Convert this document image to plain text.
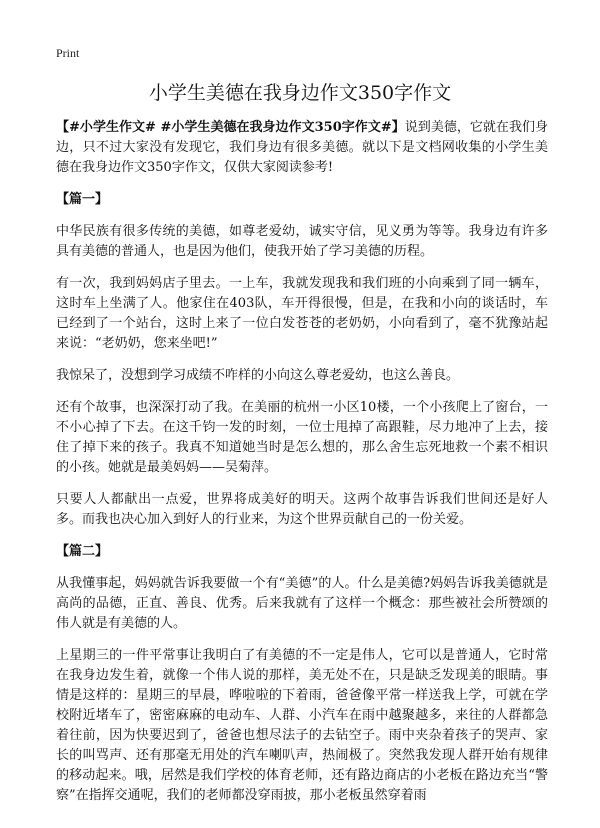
Print
小学生美德在我身边作文350字作文

【#小学生作文# #小学生美德在我身边作文350字作文#】说到美德，它就在我们身边，只不过大家没有发现它，我们身边有很多美德。就以下是文档网收集的小学生美德在我身边作文350字作文，仅供大家阅读参考!

【篇一】

中华民族有很多传统的美德，如尊老爱幼，诚实守信，见义勇为等等。我身边有许多具有美德的普通人，也是因为他们，使我开始了学习美德的历程。

有一次，我到妈妈店子里去。一上车，我就发现我和我们班的小向乘到了同一辆车，这时车上坐满了人。他家住在403队，车开得很慢，但是，在我和小向的谈话时，车已经到了一个站台，这时上来了一位白发苍苍的老奶奶，小向看到了，毫不犹豫站起来说：“老奶奶，您来坐吧!”

我惊呆了，没想到学习成绩不咋样的小向这么尊老爱幼，也这么善良。

还有个故事，也深深打动了我。在美丽的杭州一小区10楼，一个小孩爬上了窗台，一不小心掉了下去。在这千钧一发的时刻，一位士甩掉了高跟鞋，尽力地冲了上去，接住了掉下来的孩子。我真不知道她当时是怎么想的，那么舍生忘死地救一个素不相识的小孩。她就是最美妈妈——吴菊萍。

只要人人都献出一点爱，世界将成美好的明天。这两个故事告诉我们世间还是好人多。而我也决心加入到好人的行业来，为这个世界贡献自己的一份关爱。

【篇二】

从我懂事起，妈妈就告诉我要做一个有“美德”的人。什么是美德?妈妈告诉我美德就是高尚的品德，正直、善良、优秀。后来我就有了这样一个概念：那些被社会所赞颂的伟人就是有美德的人。

上星期三的一件平常事让我明白了有美德的不一定是伟人，它可以是普通人，它时常在我身边发生着，就像一个伟人说的那样，美无处不在，只是缺乏发现美的眼睛。事情是这样的：星期三的早晨，哗啦啦的下着雨，爸爸像平常一样送我上学，可就在学校附近堵车了，密密麻麻的电动车、人群、小汽车在雨中越聚越多，来往的人群都急着往前，因为快要迟到了，爸爸也想尽法子的去钻空子。雨中夹杂着孩子的哭声、家长的叫骂声、还有那毫无用处的汽车喇叭声，热闹极了。突然我发现人群开始有规律的移动起来。哦，居然是我们学校的体育老师，还有路边商店的小老板在路边充当“警察”在指挥交通呢，我们的老师都没穿雨披，那小老板虽然穿着雨
